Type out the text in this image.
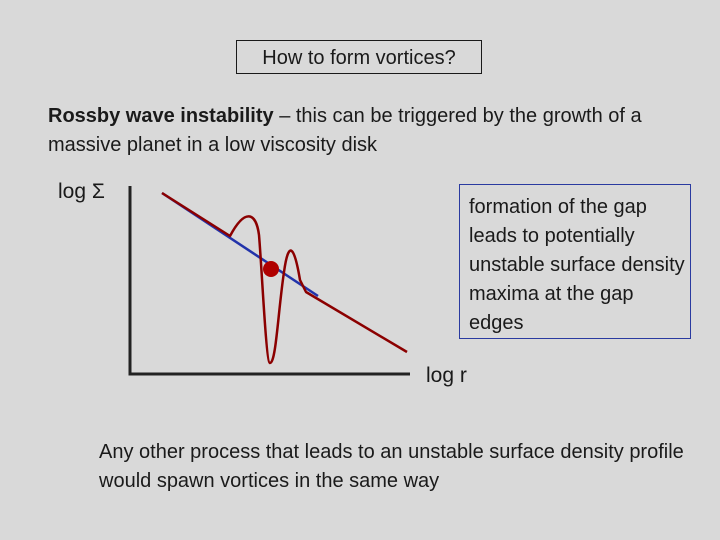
How to form vortices?
Rossby wave instability – this can be triggered by the growth of a massive planet in a low viscosity disk
log Σ
log r
formation of the gap leads to potentially unstable surface density maxima at the gap edges
Any other process that leads to an unstable surface density profile would spawn vortices in the same way
